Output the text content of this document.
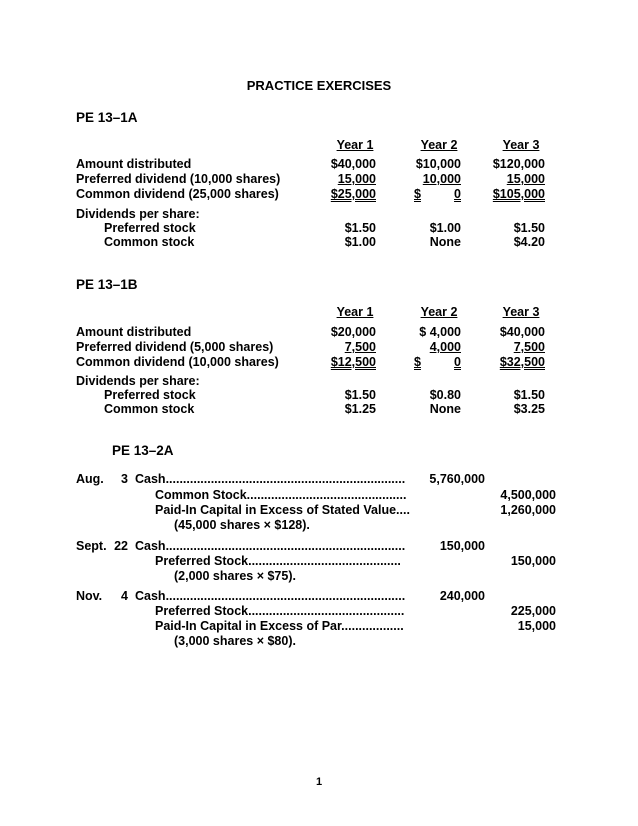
PRACTICE EXERCISES
PE 13–1A
Year 1	Year 2	Year 3
Amount distributed	$40,000	$10,000	$120,000
Preferred dividend (10,000 shares)	15,000	10,000	15,000
Common dividend (25,000 shares)	$25,000	$	0	$105,000
Dividends per share:
Preferred stock	$1.50	$1.00	$1.50
Common stock	$1.00	None	$4.20
PE 13–1B
Year 1	Year 2	Year 3
Amount distributed	$20,000	$ 4,000	$40,000
Preferred dividend (5,000 shares)	7,500	4,000	7,500
Common dividend (10,000 shares)	$12,500	$	0	$32,500
Dividends per share:
Preferred stock	$1.50	$0.80	$1.50
Common stock	$1.25	None	$3.25
PE 13–2A
Aug. 3 Cash.....................................................................	5,760,000
Common Stock..............................................	4,500,000
Paid-In Capital in Excess of Stated Value....	1,260,000
(45,000 shares × $128).
Sept. 22 Cash.....................................................................	150,000
Preferred Stock............................................	150,000
(2,000 shares × $75).
Nov. 4 Cash.....................................................................	240,000
Preferred Stock.............................................	225,000
Paid-In Capital in Excess of Par..................	15,000
(3,000 shares × $80).
1
